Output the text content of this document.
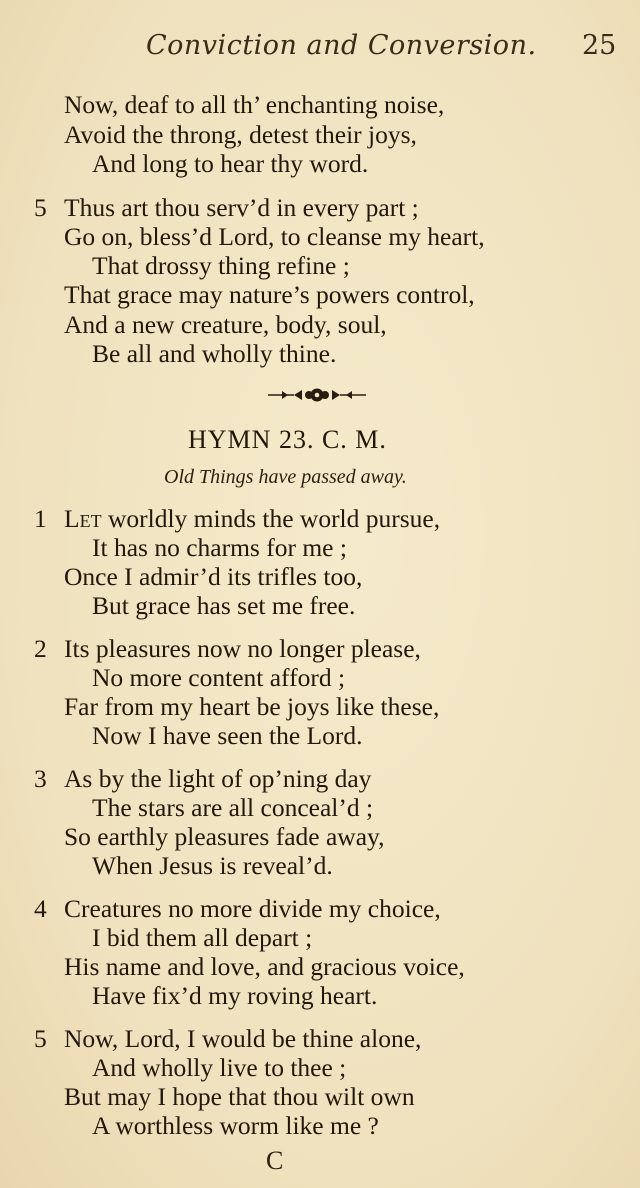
Conviction and Conversion. 25
Now, deaf to all th’ enchanting noise,
Avoid the throng, detest their joys,
And long to hear thy word.
5 Thus art thou serv’d in every part ;
Go on, bless’d Lord, to cleanse my heart,
That drossy thing refine ;
That grace may nature’s powers control,
And a new creature, body, soul,
Be all and wholly thine.
HYMN 23. C. M.
Old Things have passed away.
1 Let worldly minds the world pursue,
It has no charms for me ;
Once I admir’d its trifles too,
But grace has set me free.
2 Its pleasures now no longer please,
No more content afford ;
Far from my heart be joys like these,
Now I have seen the Lord.
3 As by the light of op’ning day
The stars are all conceal’d ;
So earthly pleasures fade away,
When Jesus is reveal’d.
4 Creatures no more divide my choice,
I bid them all depart ;
His name and love, and gracious voice,
Have fix’d my roving heart.
5 Now, Lord, I would be thine alone,
And wholly live to thee ;
But may I hope that thou wilt own
A worthless worm like me ?
C
